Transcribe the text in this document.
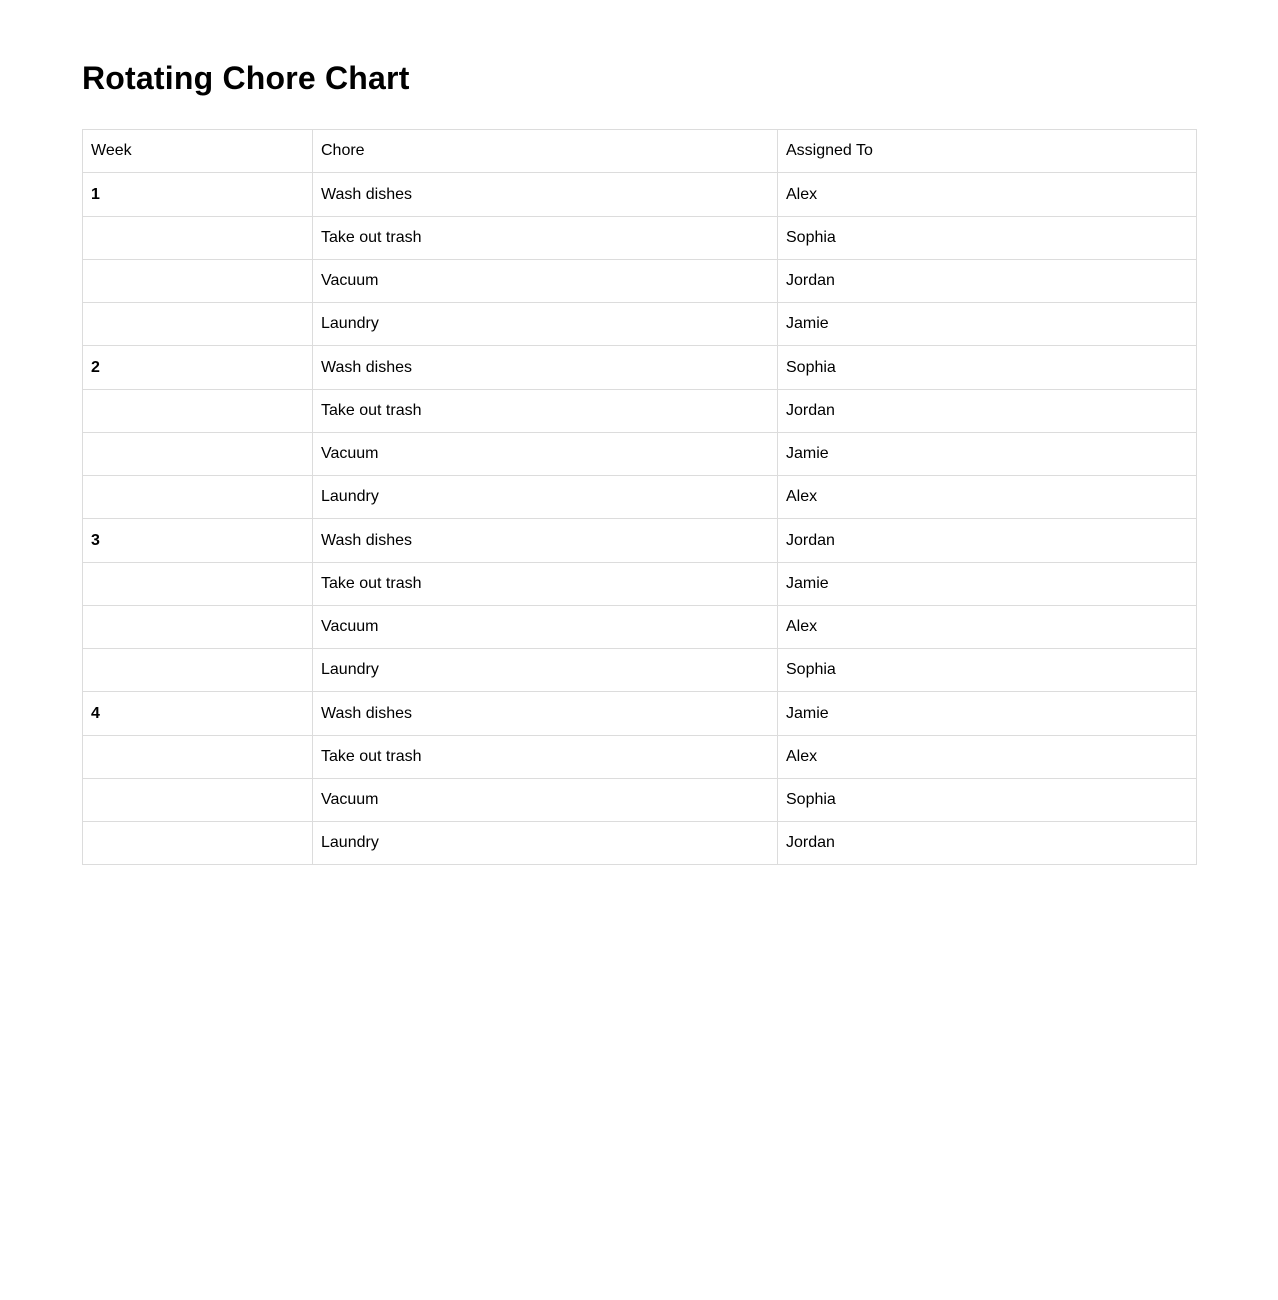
Rotating Chore Chart
Week	Chore	Assigned To
1	Wash dishes	Alex
	Take out trash	Sophia
	Vacuum	Jordan
	Laundry	Jamie
2	Wash dishes	Sophia
	Take out trash	Jordan
	Vacuum	Jamie
	Laundry	Alex
3	Wash dishes	Jordan
	Take out trash	Jamie
	Vacuum	Alex
	Laundry	Sophia
4	Wash dishes	Jamie
	Take out trash	Alex
	Vacuum	Sophia
	Laundry	Jordan
